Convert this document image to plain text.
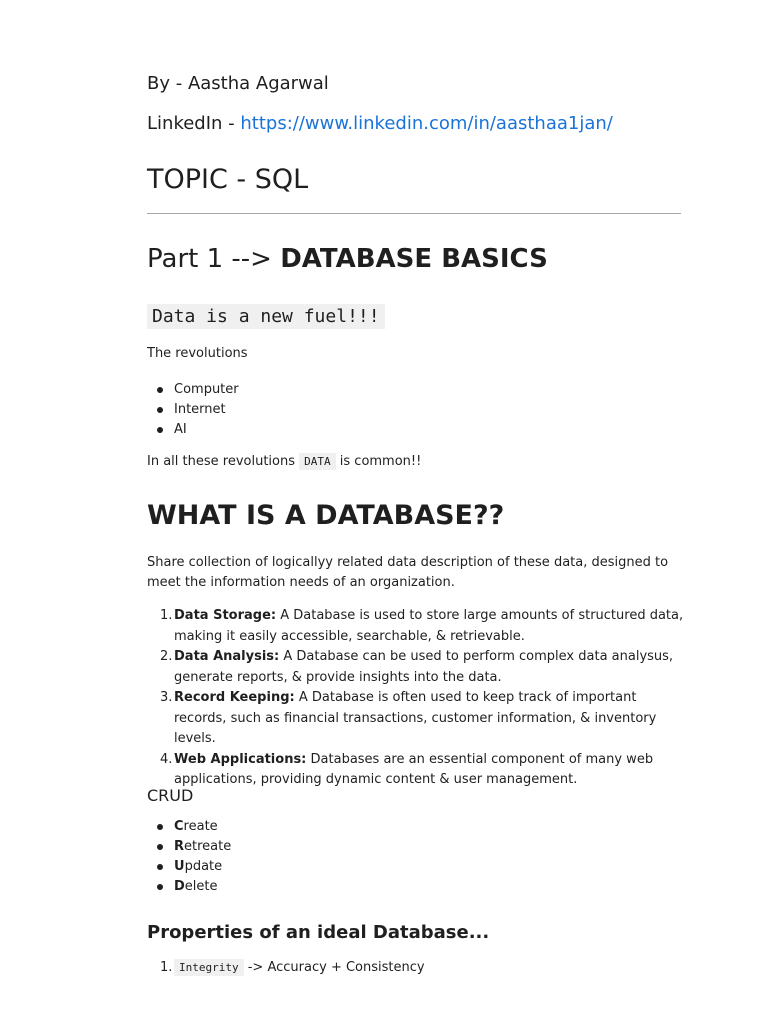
By - Aastha Agarwal

LinkedIn - https://www.linkedin.com/in/aasthaa1jan/

TOPIC - SQL
Part 1 --> DATABASE BASICS
Data is a new fuel!!!

The revolutions

Computer
Internet
AI

In all these revolutions DATA is common!!

WHAT IS A DATABASE??

Share collection of logicallyy related data description of these data, designed to meet the information needs of an organization.

1. Data Storage: A Database is used to store large amounts of structured data, making it easily accessible, searchable, & retrievable.
2. Data Analysis: A Database can be used to perform complex data analysus, generate reports, & provide insights into the data.
3. Record Keeping: A Database is often used to keep track of important records, such as financial transactions, customer information, & inventory levels.
4. Web Applications: Databases are an essential component of many web applications, providing dynamic content & user management.
CRUD
Create
Retreate
Update
Delete
Properties of an ideal Database...
1. Integrity -> Accuracy + Consistency
